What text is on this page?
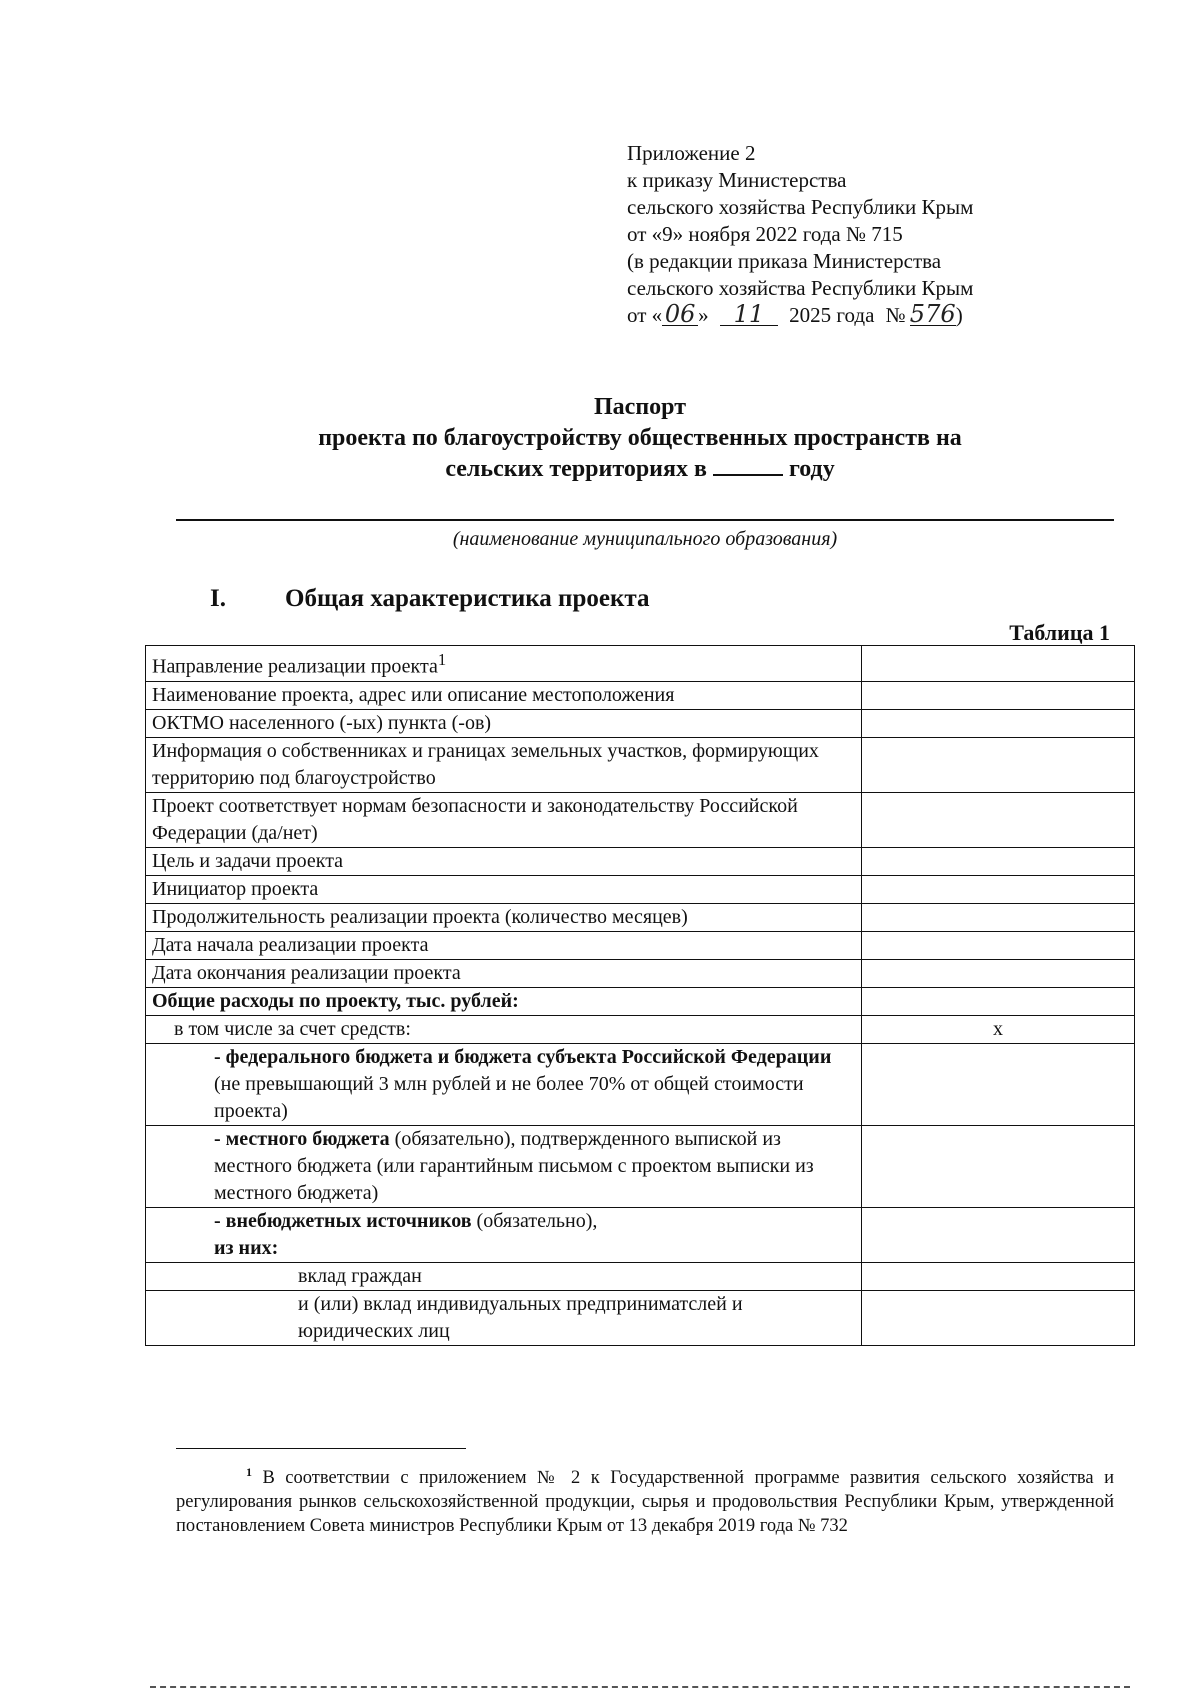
Приложение 2
к приказу Министерства
сельского хозяйства Республики Крым
от «9» ноября 2022 года № 715
(в редакции приказа Министерства
сельского хозяйства Республики Крым
от « 06 » 11 2025 года № 576)
Паспорт
проекта по благоустройству общественных пространств на
сельских территориях в	году
(наименование муниципального образования)
I. Общая характеристика проекта
Таблица 1
Направление реализации проекта$^1$	
Наименование проекта, адрес или описание местоположения	
ОКТМО населенного (-ых) пункта (-ов)	
Информация о собственниках и границах земельных участков, формирующих территорию под благоустройство	
Проект соответствует нормам безопасности и законодательству Российской Федерации (да/нет)	
Цель и задачи проекта	
Инициатор проекта	
Продолжительность реализации проекта (количество месяцев)	
Дата начала реализации проекта	
Дата окончания реализации проекта	
Общие расходы по проекту, тыс. рублей:	
в том числе за счет средств:	x
- федерального бюджета и бюджета субъекта Российской Федерации (не превышающий 3 млн рублей и не более 70% от общей стоимости проекта)	
- местного бюджета (обязательно), подтвержденного выпиской из местного бюджета (или гарантийным письмом с проектом выписки из местного бюджета)	
- внебюджетных источников (обязательно),
из них:	
вклад граждан	
и (или) вклад индивидуальных предприниматслей и юридических лиц	
$^1$ В соответствии с приложением № 2 к Государственной программе развития сельского хозяйства и регулирования рынков сельскохозяйственной продукции, сырья и продовольствия Республики Крым, утвержденной постановлением Совета министров Республики Крым от 13 декабря 2019 года № 732
